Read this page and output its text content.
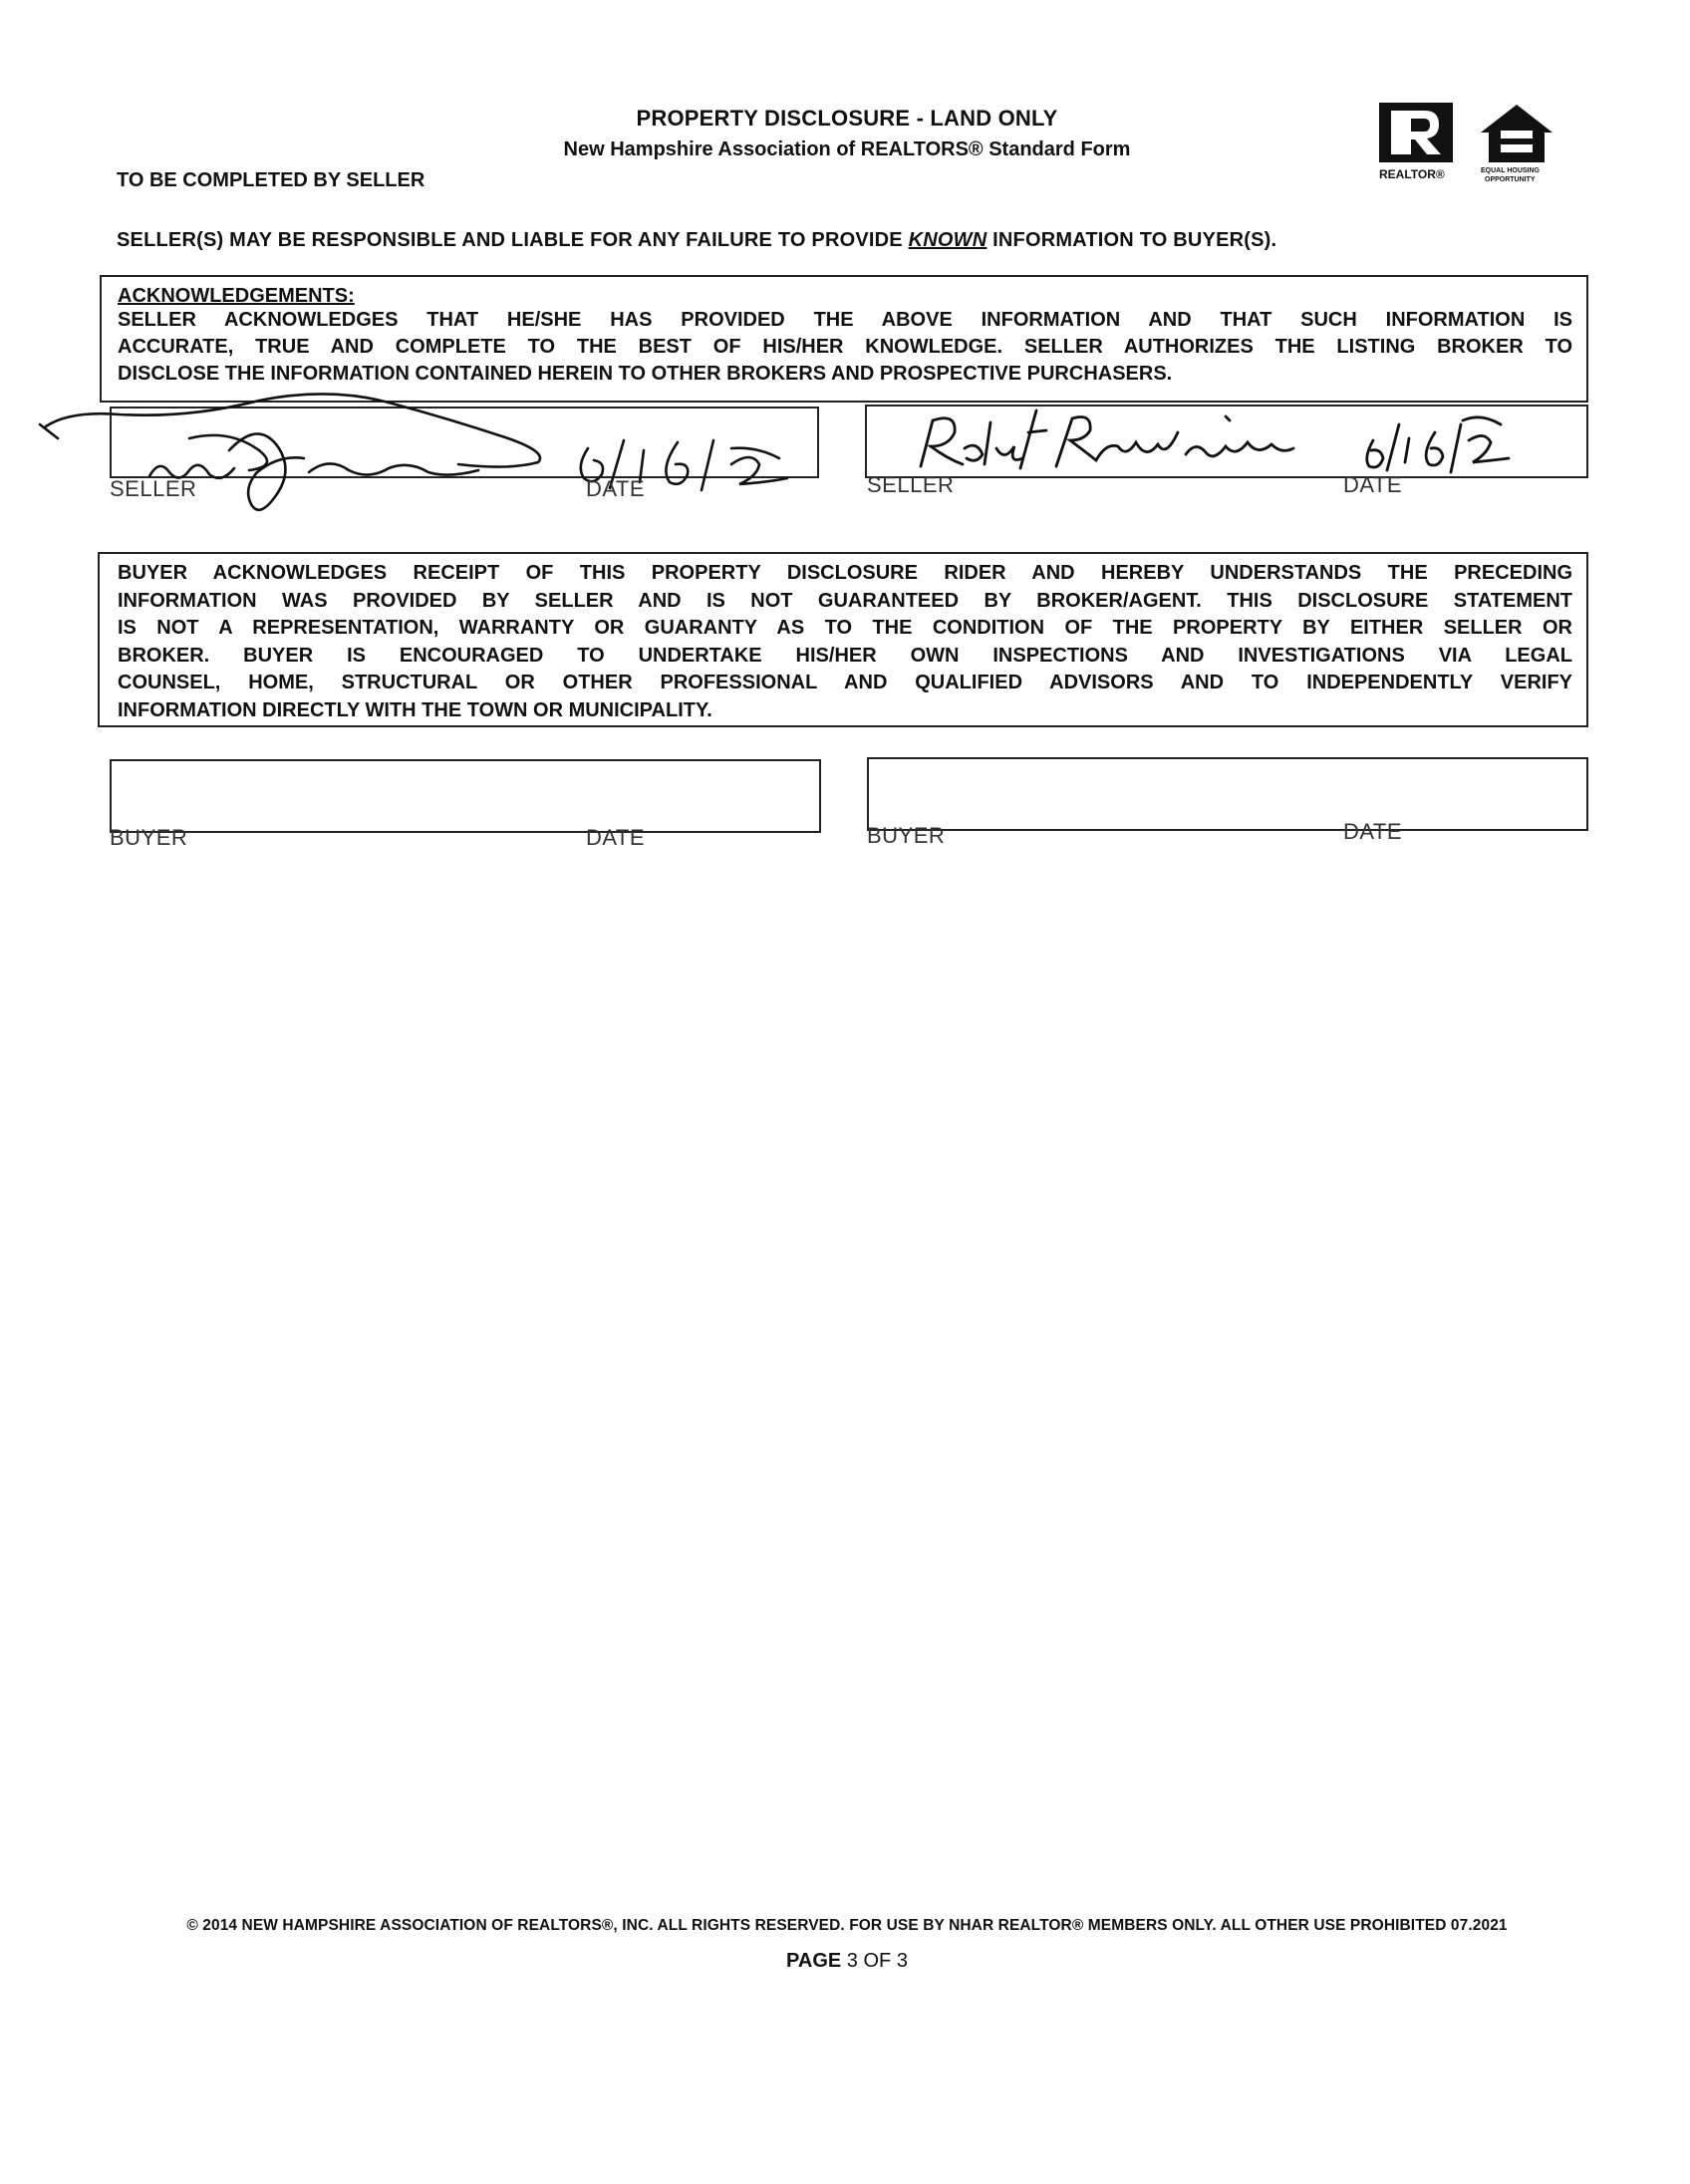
PROPERTY DISCLOSURE - LAND ONLY
New Hampshire Association of REALTORS® Standard Form
TO BE COMPLETED BY SELLER	REALTOR®	EQUAL HOUSING
OPPORTUNITY
SELLER(S) MAY BE RESPONSIBLE AND LIABLE FOR ANY FAILURE TO PROVIDE KNOWN INFORMATION TO BUYER(S).
ACKNOWLEDGEMENTS:
SELLER ACKNOWLEDGES THAT HE/SHE HAS PROVIDED THE ABOVE INFORMATION AND THAT SUCH INFORMATION IS
ACCURATE, TRUE AND COMPLETE TO THE BEST OF HIS/HER KNOWLEDGE. SELLER AUTHORIZES THE LISTING BROKER TO
DISCLOSE THE INFORMATION CONTAINED HEREIN TO OTHER BROKERS AND PROSPECTIVE PURCHASERS.
SELLER	DATE	SELLER	DATE
BUYER ACKNOWLEDGES RECEIPT OF THIS PROPERTY DISCLOSURE RIDER AND HEREBY UNDERSTANDS THE PRECEDING
INFORMATION WAS PROVIDED BY SELLER AND IS NOT GUARANTEED BY BROKER/AGENT. THIS DISCLOSURE STATEMENT
IS NOT A REPRESENTATION, WARRANTY OR GUARANTY AS TO THE CONDITION OF THE PROPERTY BY EITHER SELLER OR
BROKER. BUYER IS ENCOURAGED TO UNDERTAKE HIS/HER OWN INSPECTIONS AND INVESTIGATIONS VIA LEGAL
COUNSEL, HOME, STRUCTURAL OR OTHER PROFESSIONAL AND QUALIFIED ADVISORS AND TO INDEPENDENTLY VERIFY
INFORMATION DIRECTLY WITH THE TOWN OR MUNICIPALITY.
BUYER	DATE	BUYER	DATE
© 2014 NEW HAMPSHIRE ASSOCIATION OF REALTORS®, INC. ALL RIGHTS RESERVED. FOR USE BY NHAR REALTOR® MEMBERS ONLY. ALL OTHER USE PROHIBITED 07.2021
PAGE 3 OF 3
